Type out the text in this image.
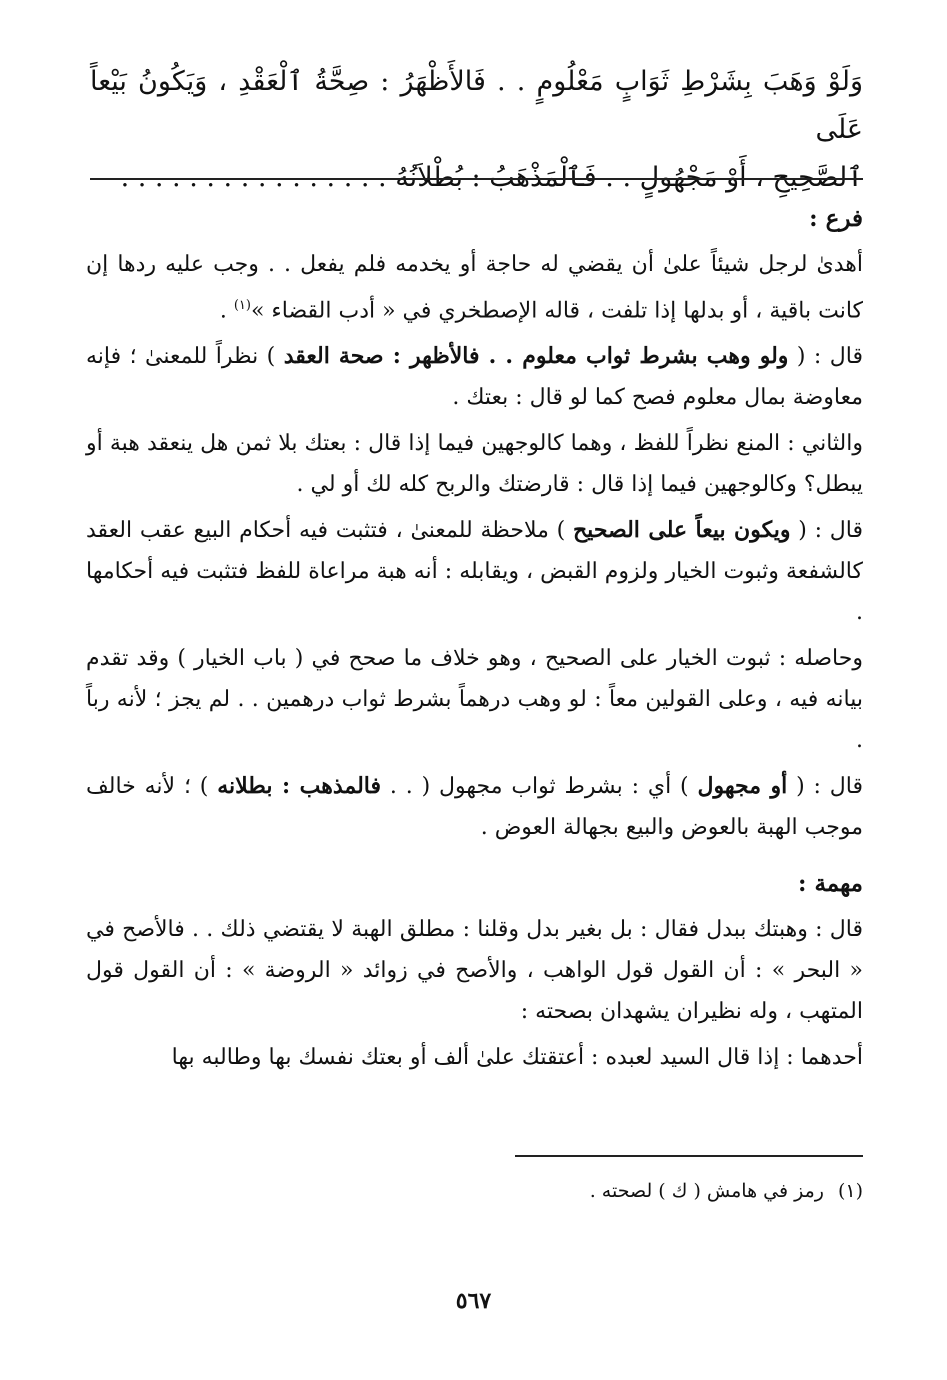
وَلَوْ وَهَبَ بِشَرْطِ ثَوَابٍ مَعْلُومٍ . . فَالأَظْهَرُ : صِحَّةُ ٱلْعَقْدِ ، وَيَكُونُ بَيْعاً عَلَى
ٱلصَّحِيحِ ، أَوْ مَجْهُولٍ . . فَٱلْمَذْهَبُ : بُطْلاَنُهُ . . . . . . . . . . . . . . . .
فرع :
أهدىٰ لرجل شيئاً علىٰ أن يقضي له حاجة أو يخدمه فلم يفعل . . وجب عليه ردها إن كانت باقية ، أو بدلها إذا تلفت ، قاله الإصطخري في « أدب القضاء »$^{(١)}$ .
قال : ( ولو وهب بشرط ثواب معلوم . . فالأظهر : صحة العقد ) نظراً للمعنىٰ ؛ فإنه معاوضة بمال معلوم فصح كما لو قال : بعتك .
والثاني : المنع نظراً للفظ ، وهما كالوجهين فيما إذا قال : بعتك بلا ثمن هل ينعقد هبة أو يبطل؟ وكالوجهين فيما إذا قال : قارضتك والربح كله لك أو لي .
قال : ( ويكون بيعاً على الصحيح ) ملاحظة للمعنىٰ ، فتثبت فيه أحكام البيع عقب العقد كالشفعة وثبوت الخيار ولزوم القبض ، ويقابله : أنه هبة مراعاة للفظ فتثبت فيه أحكامها .
وحاصله : ثبوت الخيار على الصحيح ، وهو خلاف ما صحح في ( باب الخيار ) وقد تقدم بيانه فيه ، وعلى القولين معاً : لو وهب درهماً بشرط ثواب درهمين . . لم يجز ؛ لأنه رباً .
قال : ( أو مجهول ) أي : بشرط ثواب مجهول ( . . فالمذهب : بطلانه ) ؛ لأنه خالف موجب الهبة بالعوض والبيع بجهالة العوض .
مهمة :
قال : وهبتك ببدل فقال : بل بغير بدل وقلنا : مطلق الهبة لا يقتضي ذلك . . فالأصح في « البحر » : أن القول قول الواهب ، والأصح في زوائد « الروضة » : أن القول قول المتهب ، وله نظيران يشهدان بصحته :
أحدهما : إذا قال السيد لعبده : أعتقتك علىٰ ألف أو بعتك نفسك بها وطالبه بها
(١)رمز في هامش ( ك ) لصحته .
٥٦٧
